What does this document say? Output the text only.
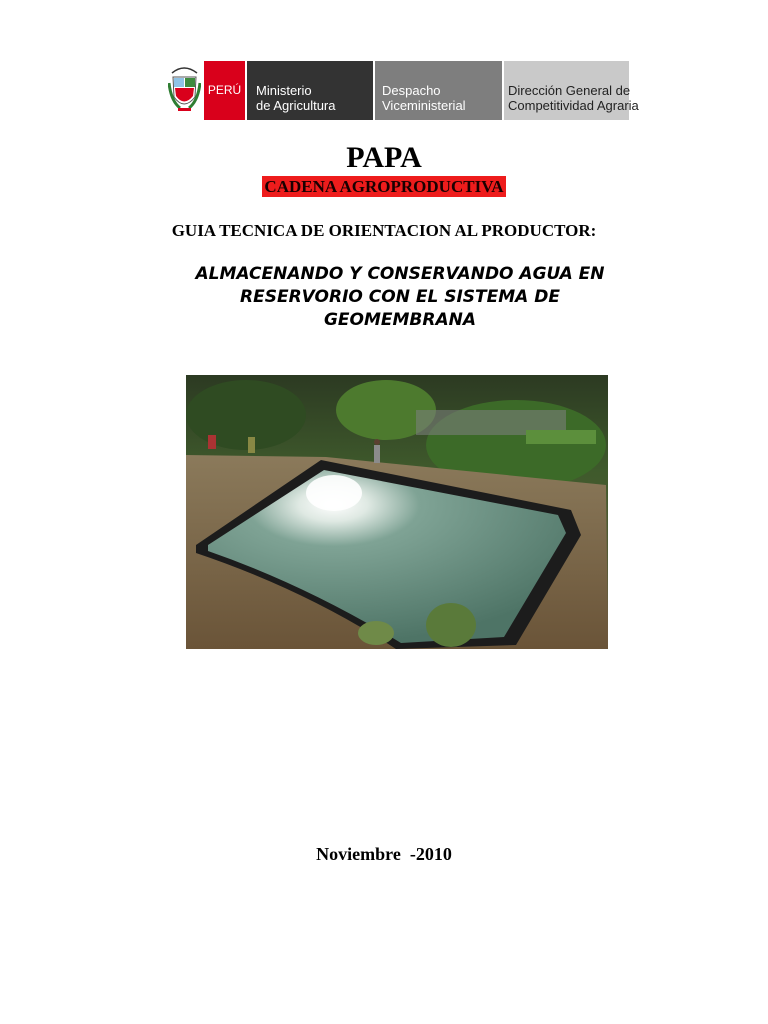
PERÚ Ministerio
de Agricultura
Despacho
Viceministerial
Dirección General de
Competitividad Agraria
PAPA
CADENA AGROPRODUCTIVA
GUIA TECNICA DE ORIENTACION AL PRODUCTOR:
ALMACENANDO Y CONSERVANDO AGUA EN
RESERVORIO CON EL SISTEMA DE
GEOMEMBRANA
Noviembre  -2010
